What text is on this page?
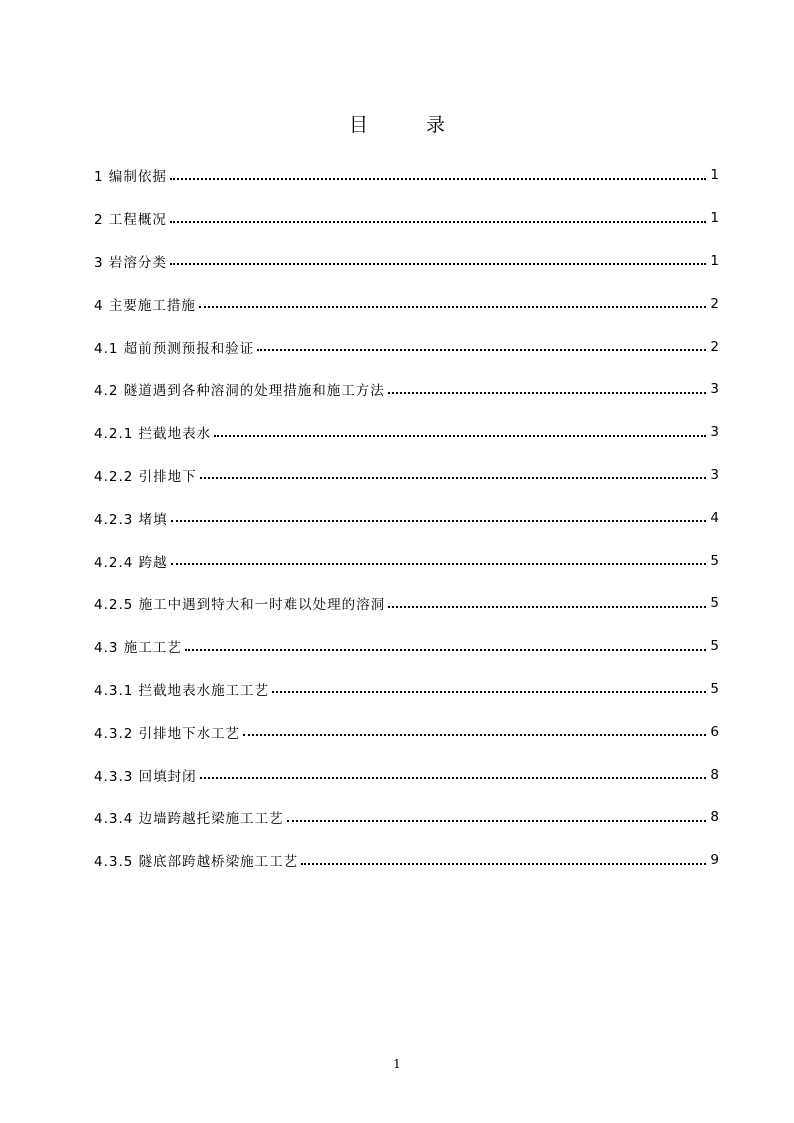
目	录
1 编制依据	1
2 工程概况	1
3 岩溶分类	1
4 主要施工措施	2
4.1 超前预测预报和验证	2
4.2 隧道遇到各种溶洞的处理措施和施工方法	3
4.2.1 拦截地表水	3
4.2.2 引排地下	3
4.2.3 堵填	4
4.2.4 跨越	5
4.2.5 施工中遇到特大和一时难以处理的溶洞	5
4.3 施工工艺	5
4.3.1 拦截地表水施工工艺	5
4.3.2 引排地下水工艺	6
4.3.3 回填封闭	8
4.3.4 边墙跨越托梁施工工艺	8
4.3.5 隧底部跨越桥梁施工工艺	9
1
